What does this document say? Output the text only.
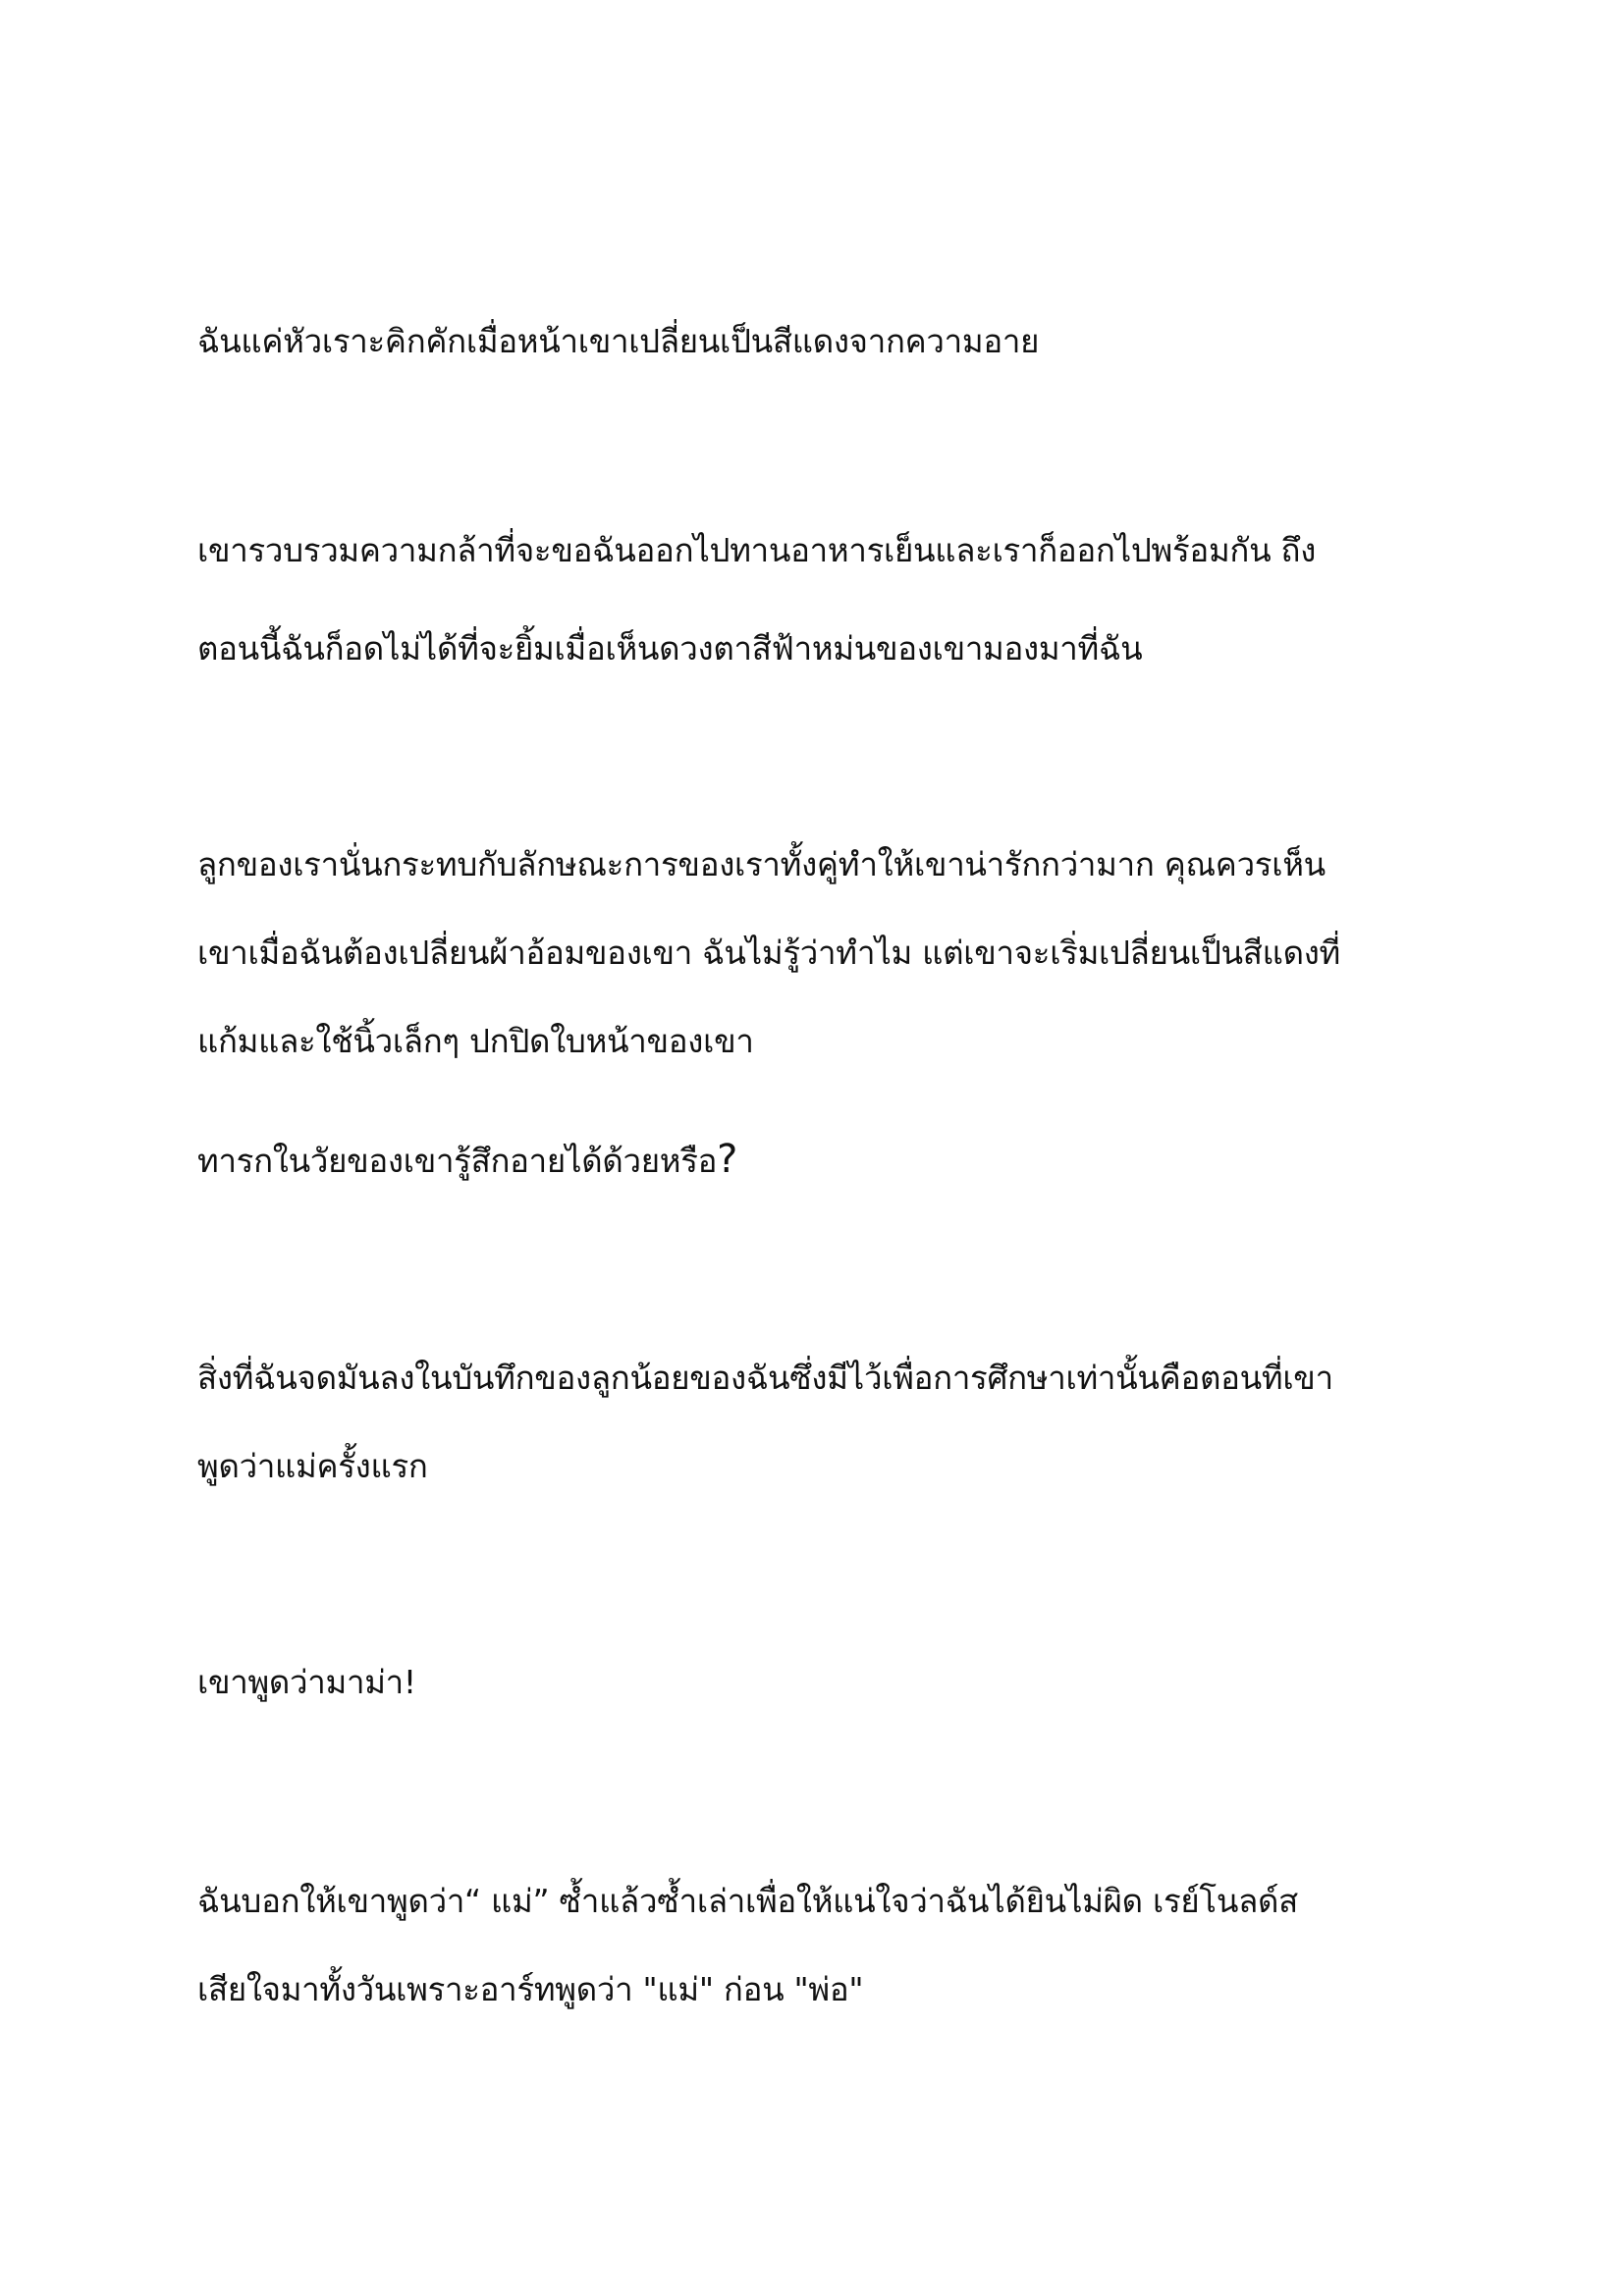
ฉันแค่หัวเราะคิกคักเมื่อหน้าเขาเปลี่ยนเป็นสีแดงจากความอาย
เขารวบรวมความกล้าที่จะขอฉันออกไปทานอาหารเย็นและเราก็ออกไปพร้อมกัน ถึง
ตอนนี้ฉันก็อดไม่ได้ที่จะยิ้มเมื่อเห็นดวงตาสีฟ้าหม่นของเขามองมาที่ฉัน
ลูกของเรานั่นกระทบกับลักษณะการของเราทั้งคู่ทำให้เขาน่ารักกว่ามาก คุณควรเห็น
เขาเมื่อฉันต้องเปลี่ยนผ้าอ้อมของเขา ฉันไม่รู้ว่าทำไม แต่เขาจะเริ่มเปลี่ยนเป็นสีแดงที่
แก้มและใช้นิ้วเล็กๆ ปกปิดใบหน้าของเขา
ทารกในวัยของเขารู้สึกอายได้ด้วยหรือ?
สิ่งที่ฉันจดมันลงในบันทึกของลูกน้อยของฉันซึ่งมีไว้เพื่อการศึกษาเท่านั้นคือตอนที่เขา
พูดว่าแม่ครั้งแรก
เขาพูดว่ามาม่า!
ฉันบอกให้เขาพูดว่า“ แม่” ซ้ำแล้วซ้ำเล่าเพื่อให้แน่ใจว่าฉันได้ยินไม่ผิด เรย์โนลด์ส
เสียใจมาทั้งวันเพราะอาร์ทพูดว่า "แม่" ก่อน "พ่อ"
